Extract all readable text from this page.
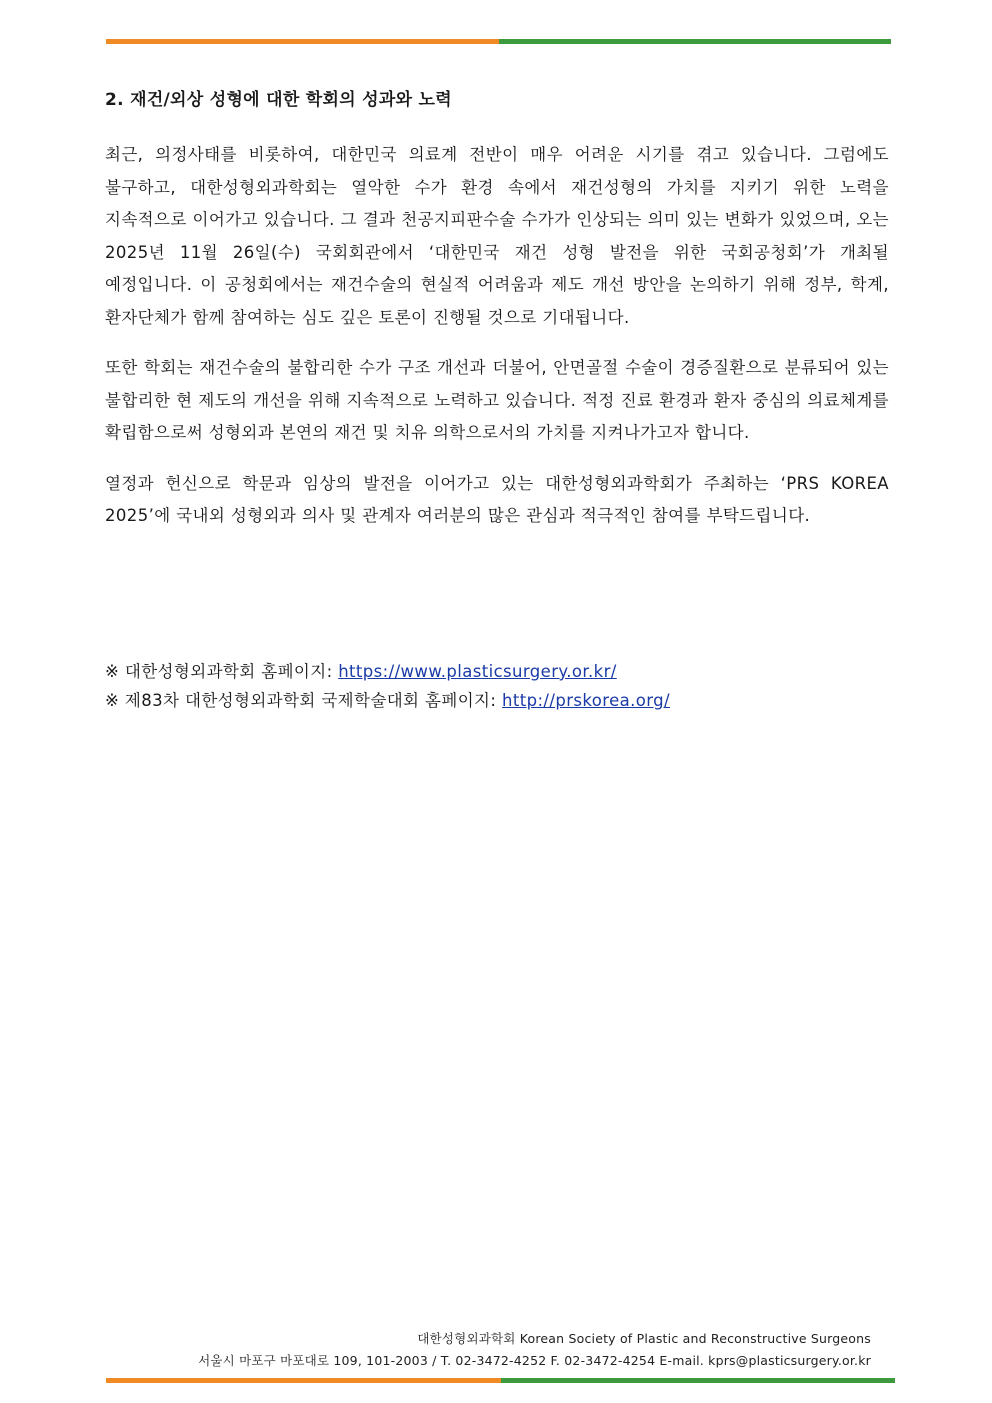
2. 재건/외상 성형에 대한 학회의 성과와 노력

최근, 의정사태를 비롯하여, 대한민국 의료계 전반이 매우 어려운 시기를 겪고 있습니다. 그럼에도 불구하고, 대한성형외과학회는 열악한 수가 환경 속에서 재건성형의 가치를 지키기 위한 노력을 지속적으로 이어가고 있습니다. 그 결과 천공지피판수술 수가가 인상되는 의미 있는 변화가 있었으며, 오는 2025년 11월 26일(수) 국회회관에서 ‘대한민국 재건 성형 발전을 위한 국회공청회’가 개최될 예정입니다. 이 공청회에서는 재건수술의 현실적 어려움과 제도 개선 방안을 논의하기 위해 정부, 학계, 환자단체가 함께 참여하는 심도 깊은 토론이 진행될 것으로 기대됩니다.

또한 학회는 재건수술의 불합리한 수가 구조 개선과 더불어, 안면골절 수술이 경증질환으로 분류되어 있는 불합리한 현 제도의 개선을 위해 지속적으로 노력하고 있습니다. 적정 진료 환경과 환자 중심의 의료체계를 확립함으로써 성형외과 본연의 재건 및 치유 의학으로서의 가치를 지켜나가고자 합니다.

열정과 헌신으로 학문과 임상의 발전을 이어가고 있는 대한성형외과학회가 주최하는 ‘PRS KOREA 2025’에 국내외 성형외과 의사 및 관계자 여러분의 많은 관심과 적극적인 참여를 부탁드립니다.

※ 대한성형외과학회 홈페이지: https://www.plasticsurgery.or.kr/
※ 제83차 대한성형외과학회 국제학술대회 홈페이지: http://prskorea.org/
대한성형외과학회 Korean Society of Plastic and Reconstructive Surgeons
서울시 마포구 마포대로 109, 101-2003 / T. 02-3472-4252 F. 02-3472-4254 E-mail. kprs@plasticsurgery.or.kr
